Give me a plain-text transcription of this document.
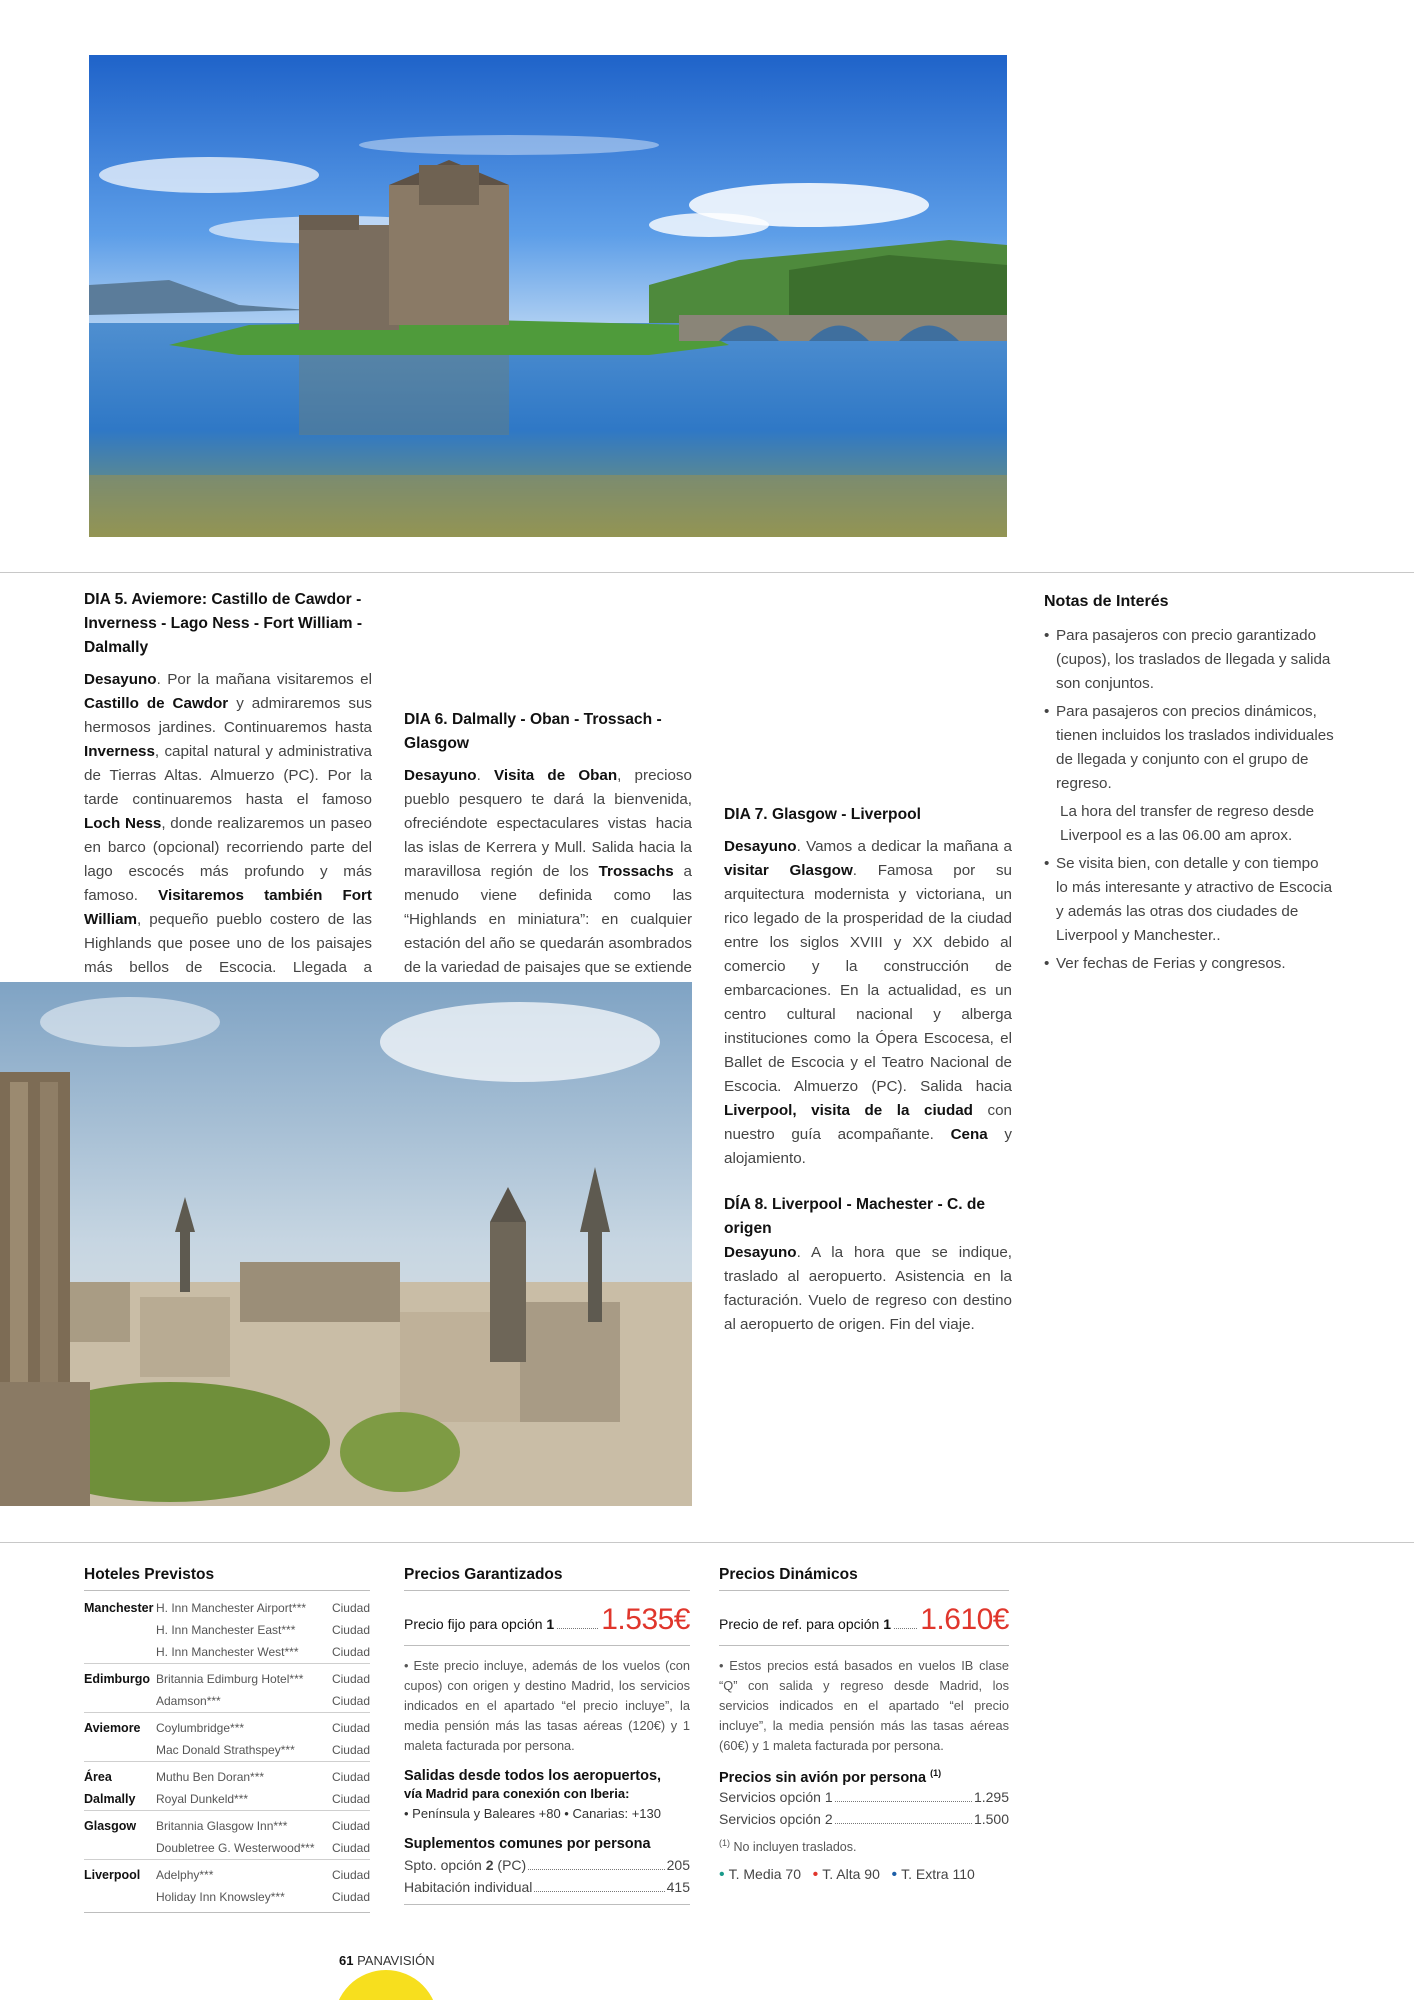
DIA 5. Aviemore: Castillo de Cawdor - Inverness - Lago Ness - Fort William - Dalmally

Desayuno. Por la mañana visitaremos el Castillo de Cawdor y admiraremos sus hermosos jardines. Continuaremos hasta Inverness, capital natural y administrativa de Tierras Altas. Almuerzo (PC). Por la tarde continuaremos hasta el famoso Loch Ness, donde realizaremos un paseo en barco (opcional) recorriendo parte del lago escocés más profundo y más famoso. Visitaremos también Fort William, pequeño pueblo costero de las Highlands que posee uno de los paisajes más bellos de Escocia. Llegada a

DIA 6. Dalmally - Oban - Trossach - Glasgow

Desayuno. Visita de Oban, precioso pueblo pesquero te dará la bienvenida, ofreciéndote espectaculares vistas hacia las islas de Kerrera y Mull. Salida hacia la maravillosa región de los Trossachs a menudo viene definida como las “Highlands en miniatura”: en cualquier estación del año se quedarán asombrados de la variedad de paisajes que se extiende

DIA 7. Glasgow - Liverpool

Desayuno. Vamos a dedicar la mañana a visitar Glasgow. Famosa por su arquitectura modernista y victoriana, un rico legado de la prosperidad de la ciudad entre los siglos XVIII y XX debido al comercio y la construcción de embarcaciones. En la actualidad, es un centro cultural nacional y alberga instituciones como la Ópera Escocesa, el Ballet de Escocia y el Teatro Nacional de Escocia. Almuerzo (PC). Salida hacia Liverpool, visita de la ciudad con nuestro guía acompañante. Cena y alojamiento.

DÍA 8. Liverpool - Machester - C. de origen

Desayuno. A la hora que se indique, traslado al aeropuerto. Asistencia en la facturación. Vuelo de regreso con destino al aeropuerto de origen. Fin del viaje.

Notas de Interés
• Para pasajeros con precio garantizado (cupos), los traslados de llegada y salida son conjuntos.
• Para pasajeros con precios dinámicos, tienen incluidos los traslados individuales de llegada y conjunto con el grupo de regreso.
La hora del transfer de regreso desde Liverpool es a las 06.00 am aprox.
• Se visita bien, con detalle y con tiempo lo más interesante y atractivo de Escocia y además las otras dos ciudades de Liverpool y Manchester..
• Ver fechas de Ferias y congresos.
Hoteles Previstos
Manchester	H. Inn Manchester Airport***	Ciudad
	H. Inn Manchester East***	Ciudad
	H. Inn Manchester West***	Ciudad
Edimburgo	Britannia Edimburg Hotel***	Ciudad
	Adamson***	Ciudad
Aviemore	Coylumbridge***	Ciudad
	Mac Donald Strathspey***	Ciudad
Área	Muthu Ben Doran***	Ciudad
Dalmally	Royal Dunkeld***	Ciudad
Glasgow	Britannia Glasgow Inn***	Ciudad
	Doubletree G. Westerwood***	Ciudad
Liverpool	Adelphy***	Ciudad
	Holiday Inn Knowsley***	Ciudad
Precios Garantizados
Precio fijo para opción 1 1.535€

• Este precio incluye, además de los vuelos (con cupos) con origen y destino Madrid, los servicios indicados en el apartado “el precio incluye”, la media pensión más las tasas aéreas (120€) y 1 maleta facturada por persona.

Salidas desde todos los aeropuertos,
vía Madrid para conexión con Iberia:
• Península y Baleares +80 • Canarias: +130
Suplementos comunes por persona
Spto. opción 2 (PC)	205
Habitación individual	415
Precios Dinámicos
Precio de ref. para opción 1 1.610€

• Estos precios está basados en vuelos IB clase “Q” con salida y regreso desde Madrid, los servicios indicados en el apartado “el precio incluye”, la media pensión más las tasas aéreas (60€) y 1 maleta facturada por persona.

Precios sin avión por persona $^{(1)}$
Servicios opción 1	1.295
Servicios opción 2	1.500
$^{(1)}$ No incluyen traslados.
• T. Media 70 • T. Alta 90 • T. Extra 110
61 PANAVISIÓN
